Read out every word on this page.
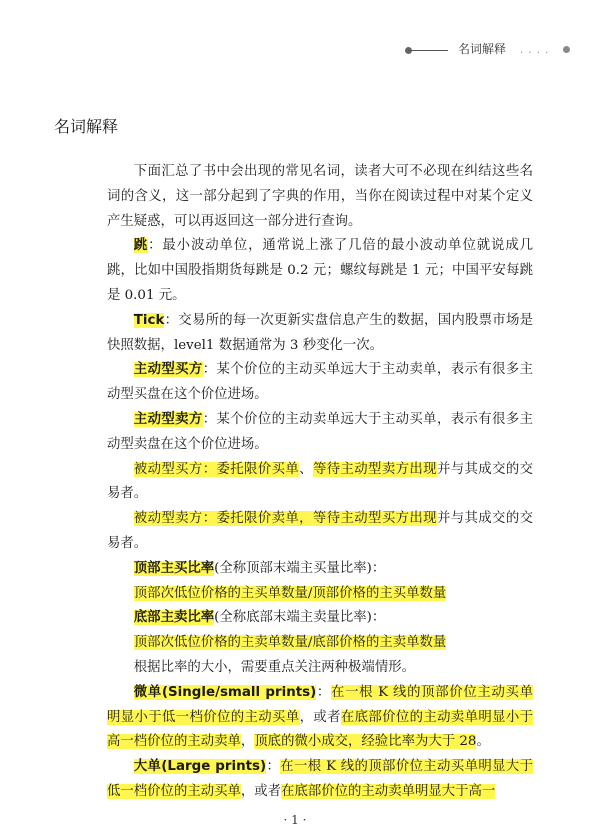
名词解释 · · · ·
名词解释

下面汇总了书中会出现的常见名词，读者大可不必现在纠结这些名词的含义，这一部分起到了字典的作用，当你在阅读过程中对某个定义产生疑惑，可以再返回这一部分进行查询。

跳：最小波动单位，通常说上涨了几倍的最小波动单位就说成几跳，比如中国股指期货每跳是 0.2 元；螺纹每跳是 1 元；中国平安每跳是 0.01 元。

Tick：交易所的每一次更新实盘信息产生的数据，国内股票市场是快照数据，level1 数据通常为 3 秒变化一次。

主动型买方：某个价位的主动买单远大于主动卖单，表示有很多主动型买盘在这个价位进场。

主动型卖方：某个价位的主动卖单远大于主动买单，表示有很多主动型卖盘在这个价位进场。

被动型买方：委托限价买单、等待主动型卖方出现并与其成交的交易者。

被动型卖方：委托限价卖单，等待主动型买方出现并与其成交的交易者。

顶部主买比率(全称顶部末端主买量比率)：

顶部次低位价格的主买单数量/顶部价格的主买单数量

底部主卖比率(全称底部末端主卖量比率)：

顶部次低位价格的主卖单数量/底部价格的主卖单数量

根据比率的大小，需要重点关注两种极端情形。

微单(Single/small prints)：在一根 K 线的顶部价位主动买单明显小于低一档价位的主动买单，或者在底部价位的主动卖单明显小于高一档价位的主动卖单，顶底的微小成交，经验比率为大于 28。

大单(Large prints)：在一根 K 线的顶部价位主动买单明显大于低一档价位的主动买单，或者在底部价位的主动卖单明显大于高一

· 1 ·
